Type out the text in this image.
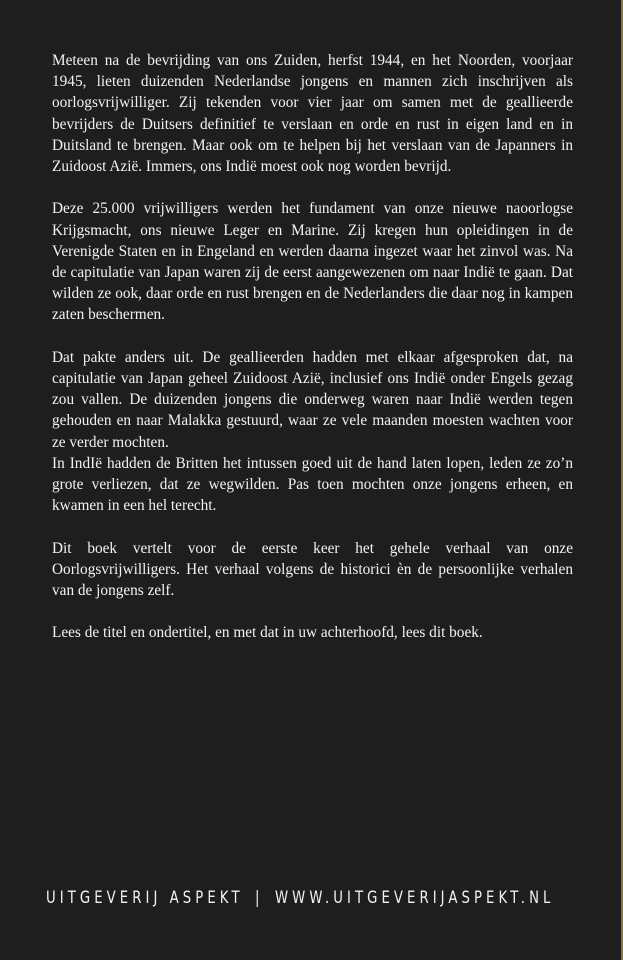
Meteen na de bevrijding van ons Zuiden, herfst 1944, en het Noorden, voorjaar 1945, lieten duizenden Nederlandse jongens en mannen zich inschrijven als oorlogsvrijwilliger. Zij tekenden voor vier jaar om samen met de geallieerde bevrijders de Duitsers definitief te verslaan en orde en rust in eigen land en in Duitsland te brengen. Maar ook om te helpen bij het verslaan van de Japanners in Zuidoost Azië. Immers, ons Indië moest ook nog worden bevrijd.

Deze 25.000 vrijwilligers werden het fundament van onze nieuwe naoorlogse Krijgsmacht, ons nieuwe Leger en Marine. Zij kregen hun opleidingen in de Verenigde Staten en in Engeland en werden daarna ingezet waar het zinvol was. Na de capitulatie van Japan waren zij de eerst aangewezenen om naar Indië te gaan. Dat wilden ze ook, daar orde en rust brengen en de Nederlanders die daar nog in kampen zaten beschermen.

Dat pakte anders uit. De geallieerden hadden met elkaar afgesproken dat, na capitulatie van Japan geheel Zuidoost Azië, inclusief ons Indië onder Engels gezag zou vallen. De duizenden jongens die onderweg waren naar Indië werden tegen gehouden en naar Malakka gestuurd, waar ze vele maanden moesten wachten voor ze verder mochten.

In IndIë hadden de Britten het intussen goed uit de hand laten lopen, leden ze zo’n grote verliezen, dat ze wegwilden. Pas toen mochten onze jongens erheen, en kwamen in een hel terecht.

Dit boek vertelt voor de eerste keer het gehele verhaal van onze Oorlogsvrijwilligers. Het verhaal volgens de historici èn de persoonlijke verhalen van de jongens zelf.

Lees de titel en ondertitel, en met dat in uw achterhoofd, lees dit boek.

UITGEVERIJ ASPEKT | WWW.UITGEVERIJASPEKT.NL
